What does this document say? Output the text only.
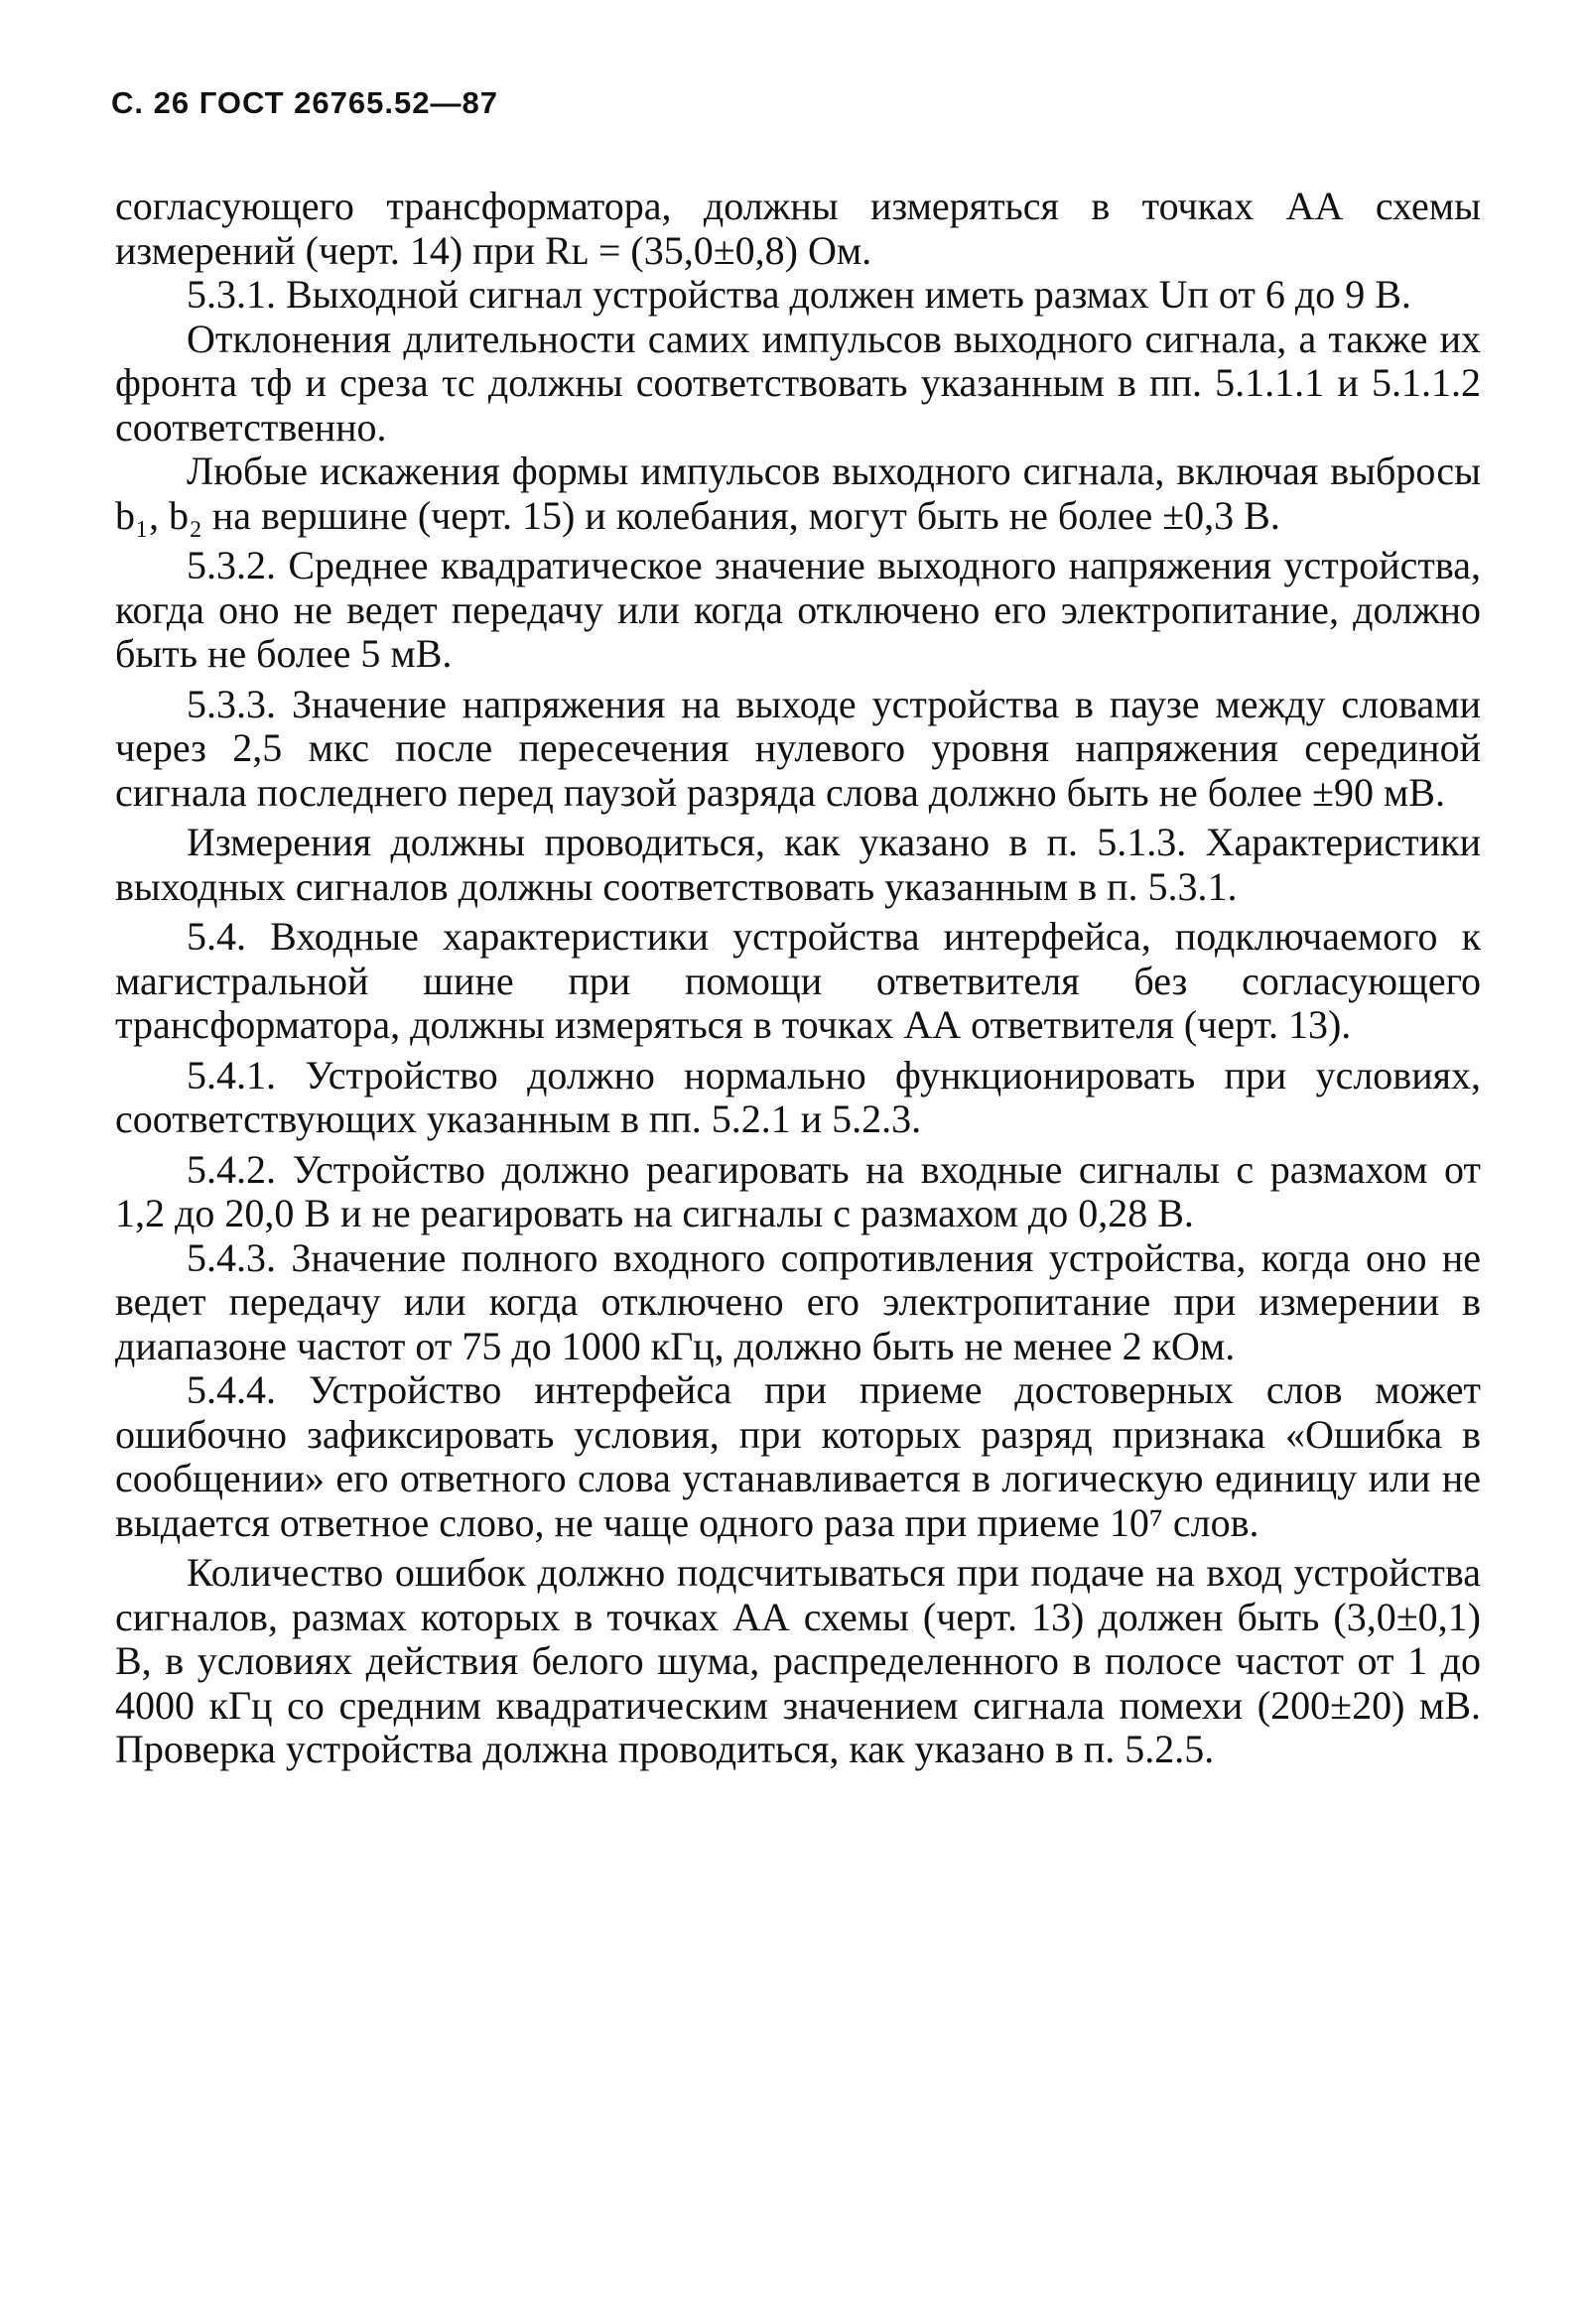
С. 26 ГОСТ 26765.52—87

согласующего трансформатора, должны измеряться в точках АА схемы измерений (черт. 14) при Rʟ = (35,0±0,8) Ом.

5.3.1. Выходной сигнал устройства должен иметь размах Uп от 6 до 9 В.

Отклонения длительности самих импульсов выходного сигнала, а также их фронта τф и среза τс должны соответствовать указанным в пп. 5.1.1.1 и 5.1.1.2 соответственно.

Любые искажения формы импульсов выходного сигнала, включая выбросы b₁, b₂ на вершине (черт. 15) и колебания, могут быть не более ±0,3 В.

5.3.2. Среднее квадратическое значение выходного напряжения устройства, когда оно не ведет передачу или когда отключено его электропитание, должно быть не более 5 мВ.

5.3.3. Значение напряжения на выходе устройства в паузе между словами через 2,5 мкс после пересечения нулевого уровня напряжения серединой сигнала последнего перед паузой разряда слова должно быть не более ±90 мВ.

Измерения должны проводиться, как указано в п. 5.1.3. Характеристики выходных сигналов должны соответствовать указанным в п. 5.3.1.

5.4. Входные характеристики устройства интерфейса, подключаемого к магистральной шине при помощи ответвителя без согласующего трансформатора, должны измеряться в точках АА ответвителя (черт. 13).

5.4.1. Устройство должно нормально функционировать при условиях, соответствующих указанным в пп. 5.2.1 и 5.2.3.

5.4.2. Устройство должно реагировать на входные сигналы с размахом от 1,2 до 20,0 В и не реагировать на сигналы с размахом до 0,28 В.

5.4.3. Значение полного входного сопротивления устройства, когда оно не ведет передачу или когда отключено его электропитание при измерении в диапазоне частот от 75 до 1000 кГц, должно быть не менее 2 кОм.

5.4.4. Устройство интерфейса при приеме достоверных слов может ошибочно зафиксировать условия, при которых разряд признака «Ошибка в сообщении» его ответного слова устанавливается в логическую единицу или не выдается ответное слово, не чаще одного раза при приеме 10⁷ слов.

Количество ошибок должно подсчитываться при подаче на вход устройства сигналов, размах которых в точках АА схемы (черт. 13) должен быть (3,0±0,1) В, в условиях действия белого шума, распределенного в полосе частот от 1 до 4000 кГц со средним квадратическим значением сигнала помехи (200±20) мВ. Проверка устройства должна проводиться, как указано в п. 5.2.5.
